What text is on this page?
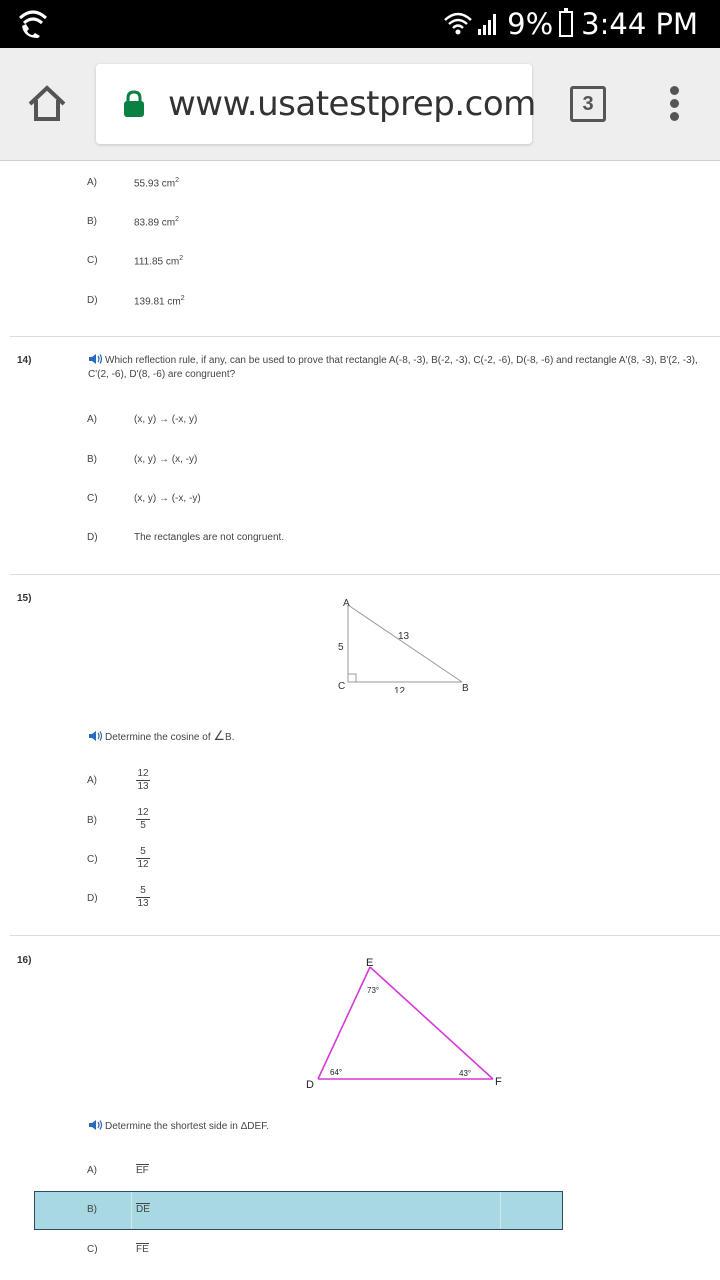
9% 3:44 PM
www.usatestprep.com	3
A)	55.93 $cm^2$
B)	83.89 $cm^2$
C)	111.85 $cm^2$
D)	139.81 $cm^2$
14)	Which reflection rule, if any, can be used to prove that rectangle A(-8, -3), B(-2, -3), C(-2, -6), D(-8, -6) and rectangle A'(8, -3), B'(2, -3), C'(2, -6), D'(8, -6) are congruent?
A)	(x, y) → (-x, y)
B)	(x, y) → (x, -y)
C)	(x, y) → (-x, -y)
D)	The rectangles are not congruent.
15)	A
C	B
5
13
12
Determine the cosine of ∠B.
A)	$\frac{12}{13}$
B)	$\frac{12}{5}$
C)	$\frac{5}{12}$
D)	$\frac{5}{13}$
16)	E
D	F
73°
64°	43°
Determine the shortest side in ΔDEF.
A)	EF
B)	DE
C)	FE
